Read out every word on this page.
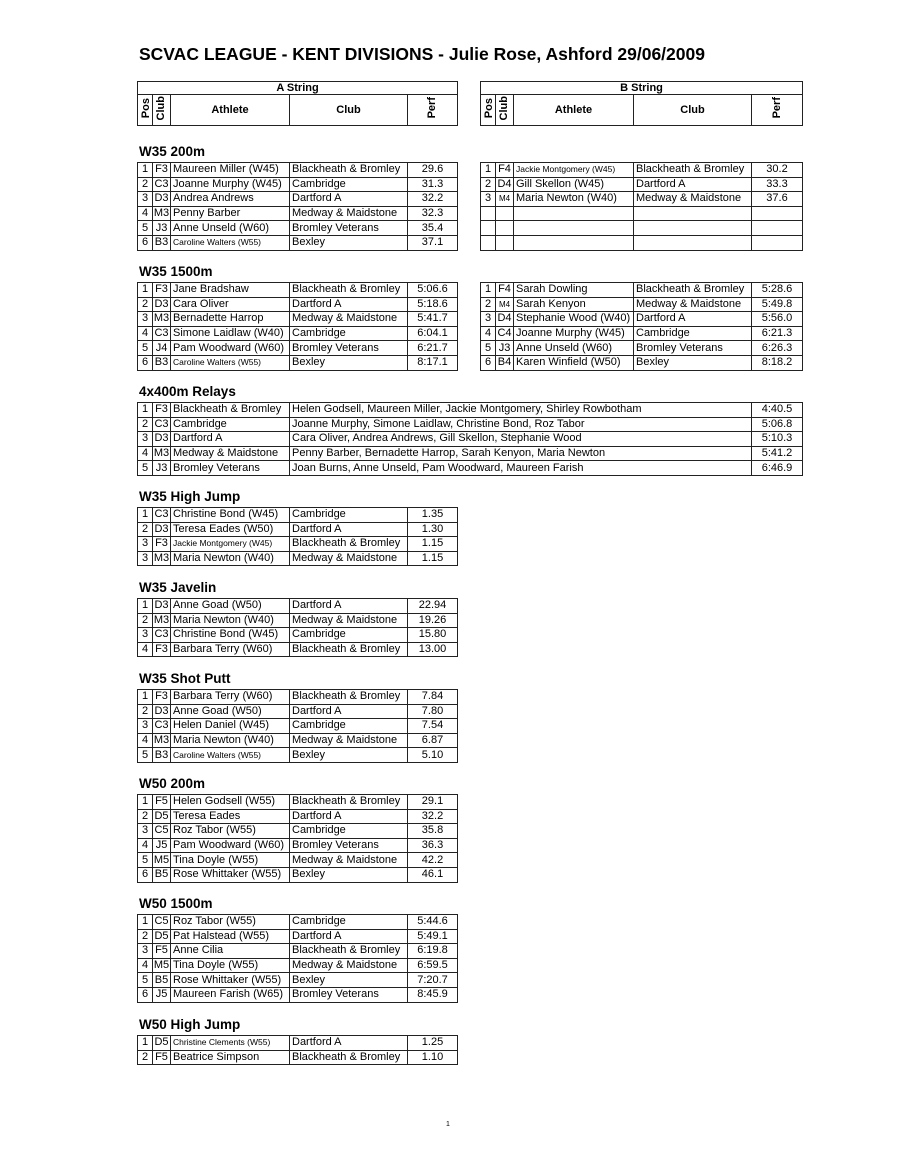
SCVAC LEAGUE - KENT DIVISIONS - Julie Rose, Ashford 29/06/2009
A String
Pos	Club	Athlete	Club	Perf
B String
Pos	Club	Athlete	Club	Perf
W35 200m
W35 1500m
4x400m Relays
W35 High Jump
W35 Javelin
W35 Shot Putt
W50 200m
W50 1500m
W50 High Jump
1	F3	Maureen Miller (W45)	Blackheath & Bromley	29.6
2	C3	Joanne Murphy (W45)	Cambridge	31.3
3	D3	Andrea Andrews	Dartford A	32.2
4	M3	Penny Barber	Medway & Maidstone	32.3
5	J3	Anne Unseld (W60)	Bromley Veterans	35.4
6	B3	Caroline Walters (W55)	Bexley	37.1
1	F4	Jackie Montgomery (W45)	Blackheath & Bromley	30.2
2	D4	Gill Skellon (W45)	Dartford A	33.3
3	M4	Maria Newton (W40)	Medway & Maidstone	37.6

1	F3	Jane Bradshaw	Blackheath & Bromley	5:06.6
2	D3	Cara Oliver	Dartford A	5:18.6
3	M3	Bernadette Harrop	Medway & Maidstone	5:41.7
4	C3	Simone Laidlaw (W40)	Cambridge	6:04.1
5	J4	Pam Woodward (W60)	Bromley Veterans	6:21.7
6	B3	Caroline Walters (W55)	Bexley	8:17.1
1	F4	Sarah Dowling	Blackheath & Bromley	5:28.6
2	M4	Sarah Kenyon	Medway & Maidstone	5:49.8
3	D4	Stephanie Wood (W40)	Dartford A	5:56.0
4	C4	Joanne Murphy (W45)	Cambridge	6:21.3
5	J3	Anne Unseld (W60)	Bromley Veterans	6:26.3
6	B4	Karen Winfield (W50)	Bexley	8:18.2
1	F3	Blackheath & Bromley	Helen Godsell, Maureen Miller, Jackie Montgomery, Shirley Rowbotham	4:40.5
2	C3	Cambridge	Joanne Murphy, Simone Laidlaw, Christine Bond, Roz Tabor	5:06.8
3	D3	Dartford A	Cara Oliver, Andrea Andrews, Gill Skellon, Stephanie Wood	5:10.3
4	M3	Medway & Maidstone	Penny Barber, Bernadette Harrop, Sarah Kenyon, Maria Newton	5:41.2
5	J3	Bromley Veterans	Joan Burns, Anne Unseld, Pam Woodward, Maureen Farish	6:46.9
1	C3	Christine Bond (W45)	Cambridge	1.35
2	D3	Teresa Eades (W50)	Dartford A	1.30
3	F3	Jackie Montgomery (W45)	Blackheath & Bromley	1.15
3	M3	Maria Newton (W40)	Medway & Maidstone	1.15
1	D3	Anne Goad (W50)	Dartford A	22.94
2	M3	Maria Newton (W40)	Medway & Maidstone	19.26
3	C3	Christine Bond (W45)	Cambridge	15.80
4	F3	Barbara Terry (W60)	Blackheath & Bromley	13.00
1	F3	Barbara Terry (W60)	Blackheath & Bromley	7.84
2	D3	Anne Goad (W50)	Dartford A	7.80
3	C3	Helen Daniel (W45)	Cambridge	7.54
4	M3	Maria Newton (W40)	Medway & Maidstone	6.87
5	B3	Caroline Walters (W55)	Bexley	5.10
1	F5	Helen Godsell (W55)	Blackheath & Bromley	29.1
2	D5	Teresa Eades	Dartford A	32.2
3	C5	Roz Tabor (W55)	Cambridge	35.8
4	J5	Pam Woodward (W60)	Bromley Veterans	36.3
5	M5	Tina Doyle (W55)	Medway & Maidstone	42.2
6	B5	Rose Whittaker (W55)	Bexley	46.1
1	C5	Roz Tabor (W55)	Cambridge	5:44.6
2	D5	Pat Halstead (W55)	Dartford A	5:49.1
3	F5	Anne Cilia	Blackheath & Bromley	6:19.8
4	M5	Tina Doyle (W55)	Medway & Maidstone	6:59.5
5	B5	Rose Whittaker (W55)	Bexley	7:20.7
6	J5	Maureen Farish (W65)	Bromley Veterans	8:45.9
1	D5	Christine Clements (W55)	Dartford A	1.25
2	F5	Beatrice Simpson	Blackheath & Bromley	1.10
1
